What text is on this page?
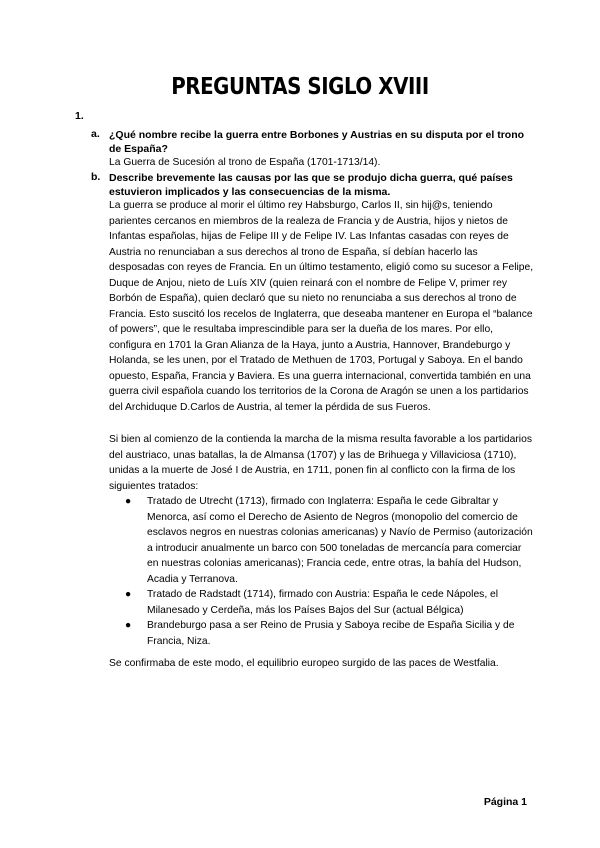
PREGUNTAS SIGLO XVIII
1.
a. ¿Qué nombre recibe la guerra entre Borbones y Austrias en su disputa por el trono de España?

La Guerra de Sucesión al trono de España (1701-1713/14).

b. Describe brevemente las causas por las que se produjo dicha guerra, qué países estuvieron implicados y las consecuencias de la misma.

La guerra se produce al morir el último rey Habsburgo, Carlos II, sin hij@s, teniendo parientes cercanos en miembros de la realeza de Francia y de Austria, hijos y nietos de Infantas españolas, hijas de Felipe III y de Felipe IV. Las Infantas casadas con reyes de Austria no renunciaban a sus derechos al trono de España, sí debían hacerlo las desposadas con reyes de Francia. En un último testamento, eligió como su sucesor a Felipe, Duque de Anjou, nieto de Luís XIV (quien reinará con el nombre de Felipe V, primer rey Borbón de España), quien declaró que su nieto no renunciaba a sus derechos al trono de Francia. Esto suscitó los recelos de Inglaterra, que deseaba mantener en Europa el “balance of powers”, que le resultaba imprescindible para ser la dueña de los mares. Por ello, configura en 1701 la Gran Alianza de la Haya, junto a Austria, Hannover, Brandeburgo y Holanda, se les unen, por el Tratado de Methuen de 1703, Portugal y Saboya. En el bando opuesto, España, Francia y Baviera. Es una guerra internacional, convertida también en una guerra civil española cuando los territorios de la Corona de Aragón se unen a los partidarios del Archiduque D.Carlos de Austria, al temer la pérdida de sus Fueros.

Si bien al comienzo de la contienda la marcha de la misma resulta favorable a los partidarios del austriaco, unas batallas, la de Almansa (1707) y las de Brihuega y Villaviciosa (1710), unidas a la muerte de José I de Austria, en 1711, ponen fin al conflicto con la firma de los siguientes tratados:

● Tratado de Utrecht (1713), firmado con Inglaterra: España le cede Gibraltar y Menorca, así como el Derecho de Asiento de Negros (monopolio del comercio de esclavos negros en nuestras colonias americanas) y Navío de Permiso (autorización a introducir anualmente un barco con 500 toneladas de mercancía para comerciar en nuestras colonias americanas); Francia cede, entre otras, la bahía del Hudson, Acadia y Terranova.
● Tratado de Radstadt (1714), firmado con Austria: España le cede Nápoles, el Milanesado y Cerdeña, más los Países Bajos del Sur (actual Bélgica)
● Brandeburgo pasa a ser Reino de Prusia y Saboya recibe de España Sicilia y de Francia, Niza.

Se confirmaba de este modo, el equilibrio europeo surgido de las paces de Westfalia.

Página 1
